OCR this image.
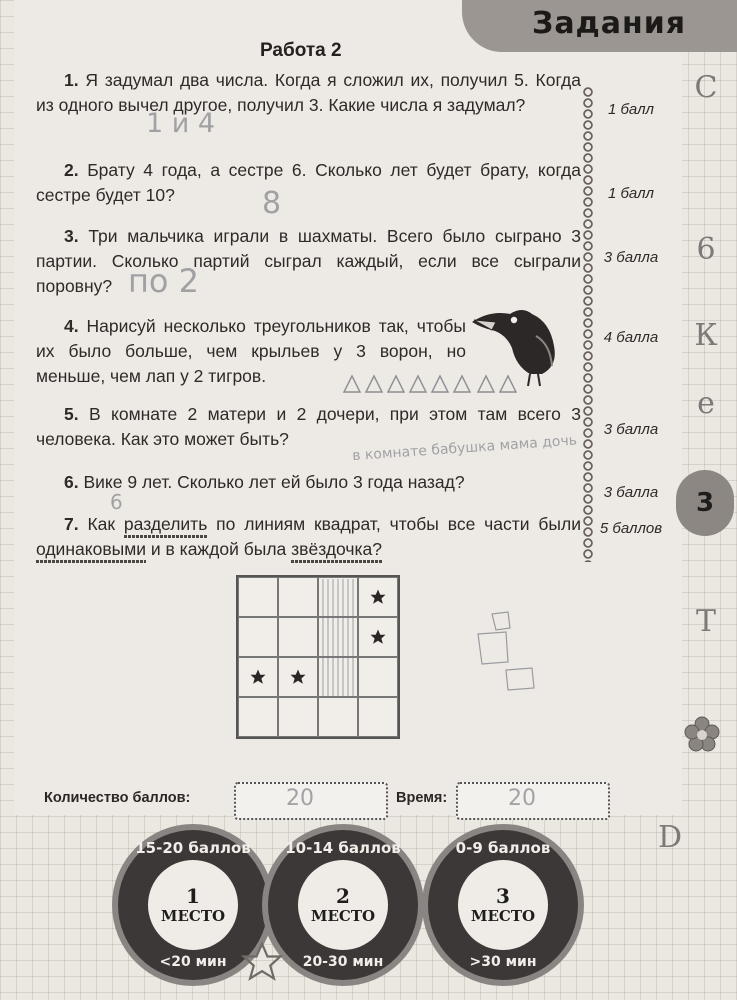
Задания
Работа 2
1. Я задумал два числа. Когда я сложил их, получил 5. Когда из одного вычел другое, получил 3. Какие числа я задумал?	1 балл
1 и 4
2. Брату 4 года, а сестре 6. Сколько лет будет брату, когда сестре будет 10?	1 балл
8
3. Три мальчика играли в шахматы. Всего было сыграно 3 партии. Сколько партий сыграл каждый, если все сыграли поровну?
3 балла
по 2
4. Нарисуй несколько треугольников так, чтобы их было больше, чем крыльев у 3 ворон, но меньше, чем лап у 2 тигров.
4 балла
5. В комнате 2 матери и 2 дочери, при этом там всего 3 человека. Как это может быть?	3 балла
в комнате бабушка мама дочь
6. Вике 9 лет. Сколько лет ей было 3 года назад?
3 балла
6
7. Как разделить по линиям квадрат, чтобы все части были одинаковыми и в каждой была звёздочка?
5 баллов
Количество баллов:	20	Время:	20
15-20 баллов
1
МЕСТО
<20 мин
10-14 баллов
2
МЕСТО
20-30 мин
0-9 баллов
3
МЕСТО
>30 мин
С
6
К
е
Т
D
3
